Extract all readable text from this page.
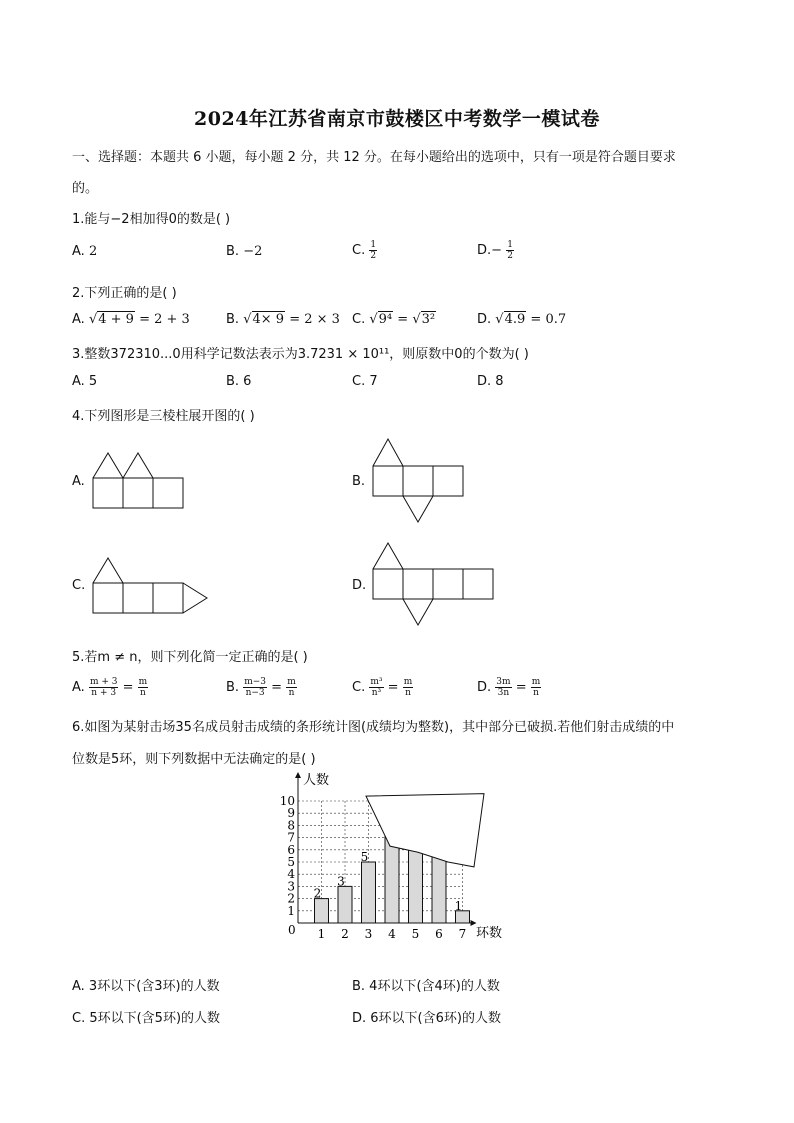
2024年江苏省南京市鼓楼区中考数学一模试卷
一、选择题：本题共 6 小题，每小题 2 分，共 12 分。在每小题给出的选项中，只有一项是符合题目要求
的。
1.能与−2相加得0的数是( )
A. 2	B. −2	C. $\frac{1}{2}$	$D.- \frac{1}{2}$
2.下列正确的是( )
A. √4 + 9 = 2 + 3	B. √4× 9 = 2 × 3 C. √9⁴ = √3²	D. √4.9 = 0.7
3.整数372310...0用科学记数法表示为3.7231 × 10¹¹，则原数中0的个数为( )
A. 5	B. 6	C. 7	D. 8
4.下列图形是三棱柱展开图的( )
A.	B.
C.	D.
5.若m ≠ n，则下列化简一定正确的是( )
A. $\frac{m + 3}{n + 3} = \frac{m}{n}$	B. $\frac{m-3}{n-3} = \frac{m}{n}$	C. $\frac{\text{m³}}{\text{n³}} = \frac{m}{n}$	D. $\frac{3m}{3n} = \frac{m}{n}$
6.如图为某射击场35名成员射击成绩的条形统计图(成绩均为整数)，其中部分已破损.若他们射击成绩的中
位数是5环，则下列数据中无法确定的是( )
人数
环数
0
1
2
3
4
5
6
7
8
9
10
1
2
2
3
3
5
4 5 6 7
1
A. 3环以下(含3环)的人数	B. 4环以下(含4环)的人数
C. 5环以下(含5环)的人数	D. 6环以下(含6环)的人数
